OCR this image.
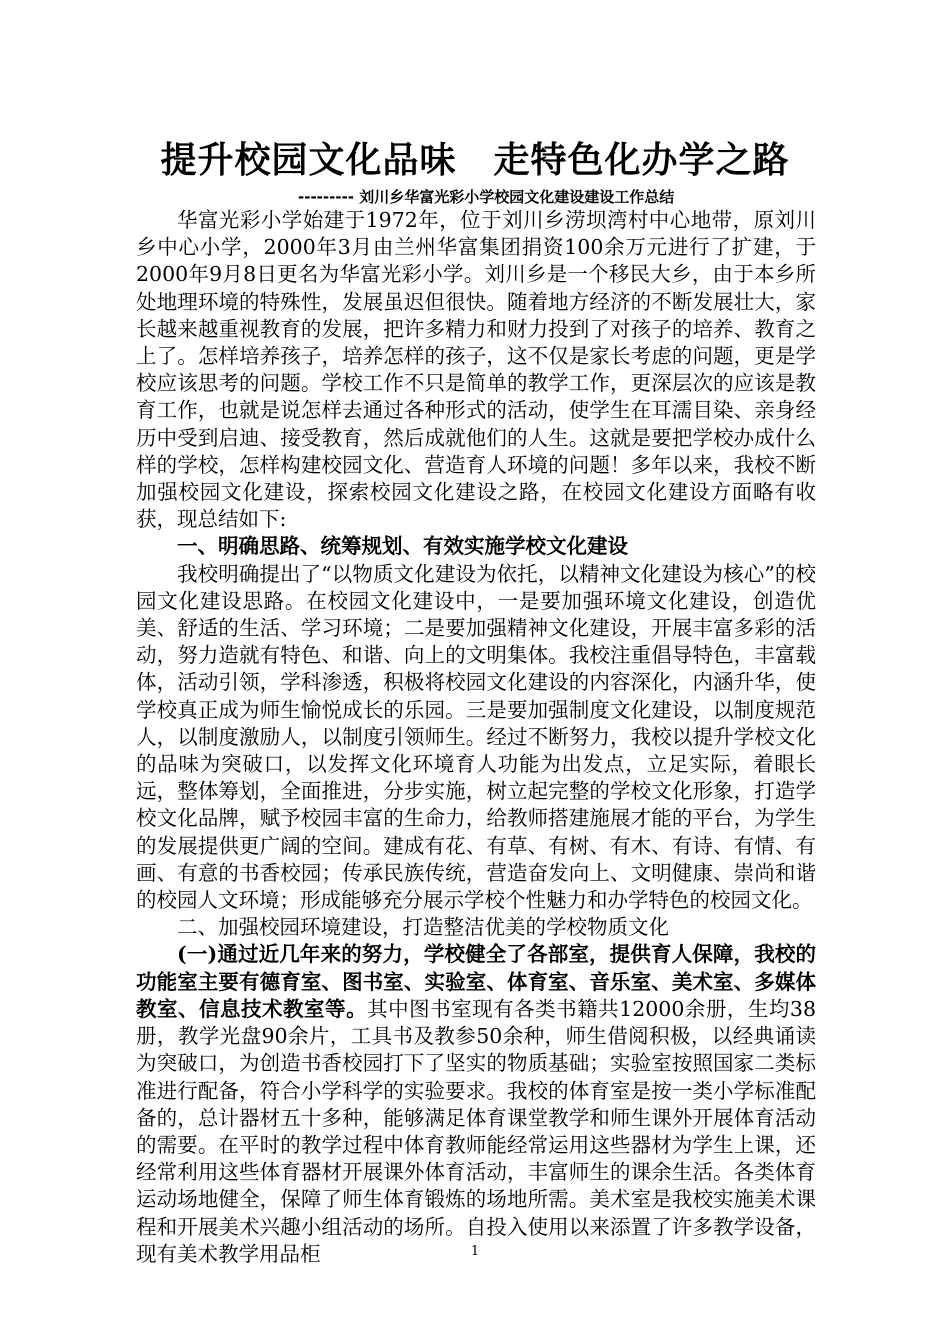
提升校园文化品味　走特色化办学之路
--------- 刘川乡华富光彩小学校园文化建设建设工作总结

华富光彩小学始建于1972年，位于刘川乡涝坝湾村中心地带，原刘川乡中心小学，2000年3月由兰州华富集团捐资100余万元进行了扩建，于2000年9月8日更名为华富光彩小学。刘川乡是一个移民大乡，由于本乡所处地理环境的特殊性，发展虽迟但很快。随着地方经济的不断发展壮大，家长越来越重视教育的发展，把许多精力和财力投到了对孩子的培养、教育之上了。怎样培养孩子，培养怎样的孩子，这不仅是家长考虑的问题，更是学校应该思考的问题。学校工作不只是简单的教学工作，更深层次的应该是教育工作，也就是说怎样去通过各种形式的活动，使学生在耳濡目染、亲身经历中受到启迪、接受教育，然后成就他们的人生。这就是要把学校办成什么样的学校，怎样构建校园文化、营造育人环境的问题！多年以来，我校不断加强校园文化建设，探索校园文化建设之路，在校园文化建设方面略有收获，现总结如下:

一、明确思路、统筹规划、有效实施学校文化建设

我校明确提出了“以物质文化建设为依托，以精神文化建设为核心”的校园文化建设思路。在校园文化建设中，一是要加强环境文化建设，创造优美、舒适的生活、学习环境；二是要加强精神文化建设，开展丰富多彩的活动，努力造就有特色、和谐、向上的文明集体。我校注重倡导特色，丰富载体，活动引领，学科渗透，积极将校园文化建设的内容深化，内涵升华，使学校真正成为师生愉悦成长的乐园。三是要加强制度文化建设，以制度规范人，以制度激励人，以制度引领师生。经过不断努力，我校以提升学校文化的品味为突破口，以发挥文化环境育人功能为出发点，立足实际，着眼长远，整体筹划，全面推进，分步实施，树立起完整的学校文化形象，打造学校文化品牌，赋予校园丰富的生命力，给教师搭建施展才能的平台，为学生的发展提供更广阔的空间。建成有花、有草、有树、有木、有诗、有情、有画、有意的书香校园；传承民族传统，营造奋发向上、文明健康、崇尚和谐的校园人文环境；形成能够充分展示学校个性魅力和办学特色的校园文化。

二、加强校园环境建设，打造整洁优美的学校物质文化

(一)通过近几年来的努力，学校健全了各部室，提供育人保障，我校的功能室主要有德育室、图书室、实验室、体育室、音乐室、美术室、多媒体教室、信息技术教室等。其中图书室现有各类书籍共12000余册，生均38册，教学光盘90余片，工具书及教参50余种，师生借阅积极，以经典诵读为突破口，为创造书香校园打下了坚实的物质基础；实验室按照国家二类标准进行配备，符合小学科学的实验要求。我校的体育室是按一类小学标准配备的，总计器材五十多种，能够满足体育课堂教学和师生课外开展体育活动的需要。在平时的教学过程中体育教师能经常运用这些器材为学生上课，还经常利用这些体育器材开展课外体育活动，丰富师生的课余生活。各类体育运动场地健全，保障了师生体育锻炼的场地所需。美术室是我校实施美术课程和开展美术兴趣小组活动的场所。自投入使用以来添置了许多教学设备，现有美术教学用品柜	1
